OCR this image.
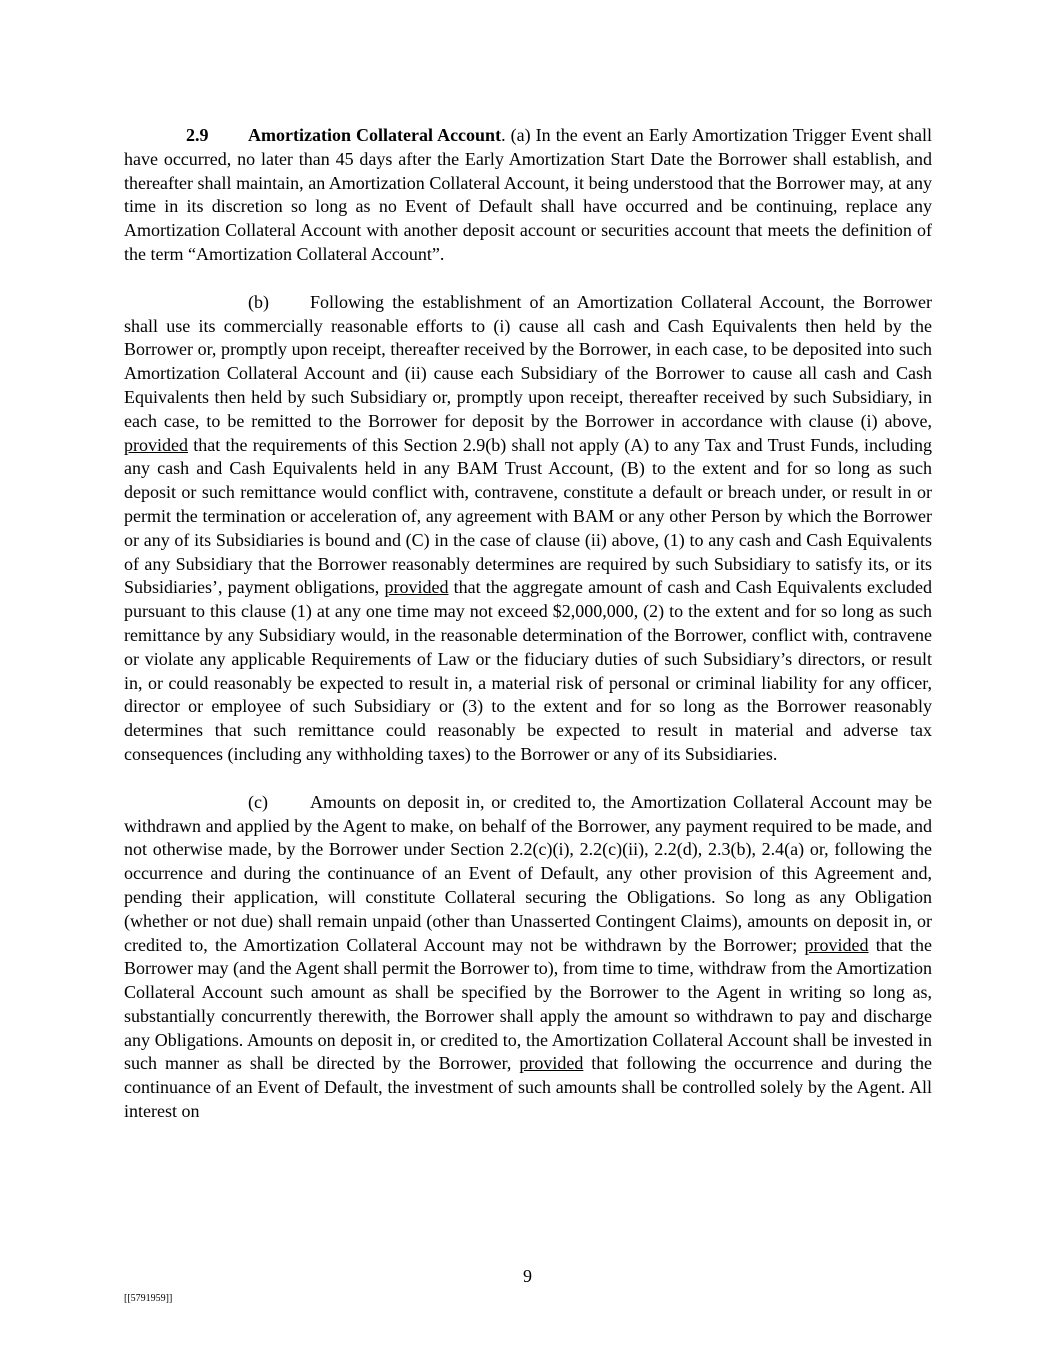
2.9 Amortization Collateral Account. (a) In the event an Early Amortization Trigger Event shall have occurred, no later than 45 days after the Early Amortization Start Date the Borrower shall establish, and thereafter shall maintain, an Amortization Collateral Account, it being understood that the Borrower may, at any time in its discretion so long as no Event of Default shall have occurred and be continuing, replace any Amortization Collateral Account with another deposit account or securities account that meets the definition of the term “Amortization Collateral Account”.

(b) Following the establishment of an Amortization Collateral Account, the Borrower shall use its commercially reasonable efforts to (i) cause all cash and Cash Equivalents then held by the Borrower or, promptly upon receipt, thereafter received by the Borrower, in each case, to be deposited into such Amortization Collateral Account and (ii) cause each Subsidiary of the Borrower to cause all cash and Cash Equivalents then held by such Subsidiary or, promptly upon receipt, thereafter received by such Subsidiary, in each case, to be remitted to the Borrower for deposit by the Borrower in accordance with clause (i) above, provided that the requirements of this Section 2.9(b) shall not apply (A) to any Tax and Trust Funds, including any cash and Cash Equivalents held in any BAM Trust Account, (B) to the extent and for so long as such deposit or such remittance would conflict with, contravene, constitute a default or breach under, or result in or permit the termination or acceleration of, any agreement with BAM or any other Person by which the Borrower or any of its Subsidiaries is bound and (C) in the case of clause (ii) above, (1) to any cash and Cash Equivalents of any Subsidiary that the Borrower reasonably determines are required by such Subsidiary to satisfy its, or its Subsidiaries’, payment obligations, provided that the aggregate amount of cash and Cash Equivalents excluded pursuant to this clause (1) at any one time may not exceed $2,000,000, (2) to the extent and for so long as such remittance by any Subsidiary would, in the reasonable determination of the Borrower, conflict with, contravene or violate any applicable Requirements of Law or the fiduciary duties of such Subsidiary’s directors, or result in, or could reasonably be expected to result in, a material risk of personal or criminal liability for any officer, director or employee of such Subsidiary or (3) to the extent and for so long as the Borrower reasonably determines that such remittance could reasonably be expected to result in material and adverse tax consequences (including any withholding taxes) to the Borrower or any of its Subsidiaries.

(c) Amounts on deposit in, or credited to, the Amortization Collateral Account may be withdrawn and applied by the Agent to make, on behalf of the Borrower, any payment required to be made, and not otherwise made, by the Borrower under Section 2.2(c)(i), 2.2(c)(ii), 2.2(d), 2.3(b), 2.4(a) or, following the occurrence and during the continuance of an Event of Default, any other provision of this Agreement and, pending their application, will constitute Collateral securing the Obligations. So long as any Obligation (whether or not due) shall remain unpaid (other than Unasserted Contingent Claims), amounts on deposit in, or credited to, the Amortization Collateral Account may not be withdrawn by the Borrower; provided that the Borrower may (and the Agent shall permit the Borrower to), from time to time, withdraw from the Amortization Collateral Account such amount as shall be specified by the Borrower to the Agent in writing so long as, substantially concurrently therewith, the Borrower shall apply the amount so withdrawn to pay and discharge any Obligations. Amounts on deposit in, or credited to, the Amortization Collateral Account shall be invested in such manner as shall be directed by the Borrower, provided that following the occurrence and during the continuance of an Event of Default, the investment of such amounts shall be controlled solely by the Agent. All interest on

9
[[5791959]]
